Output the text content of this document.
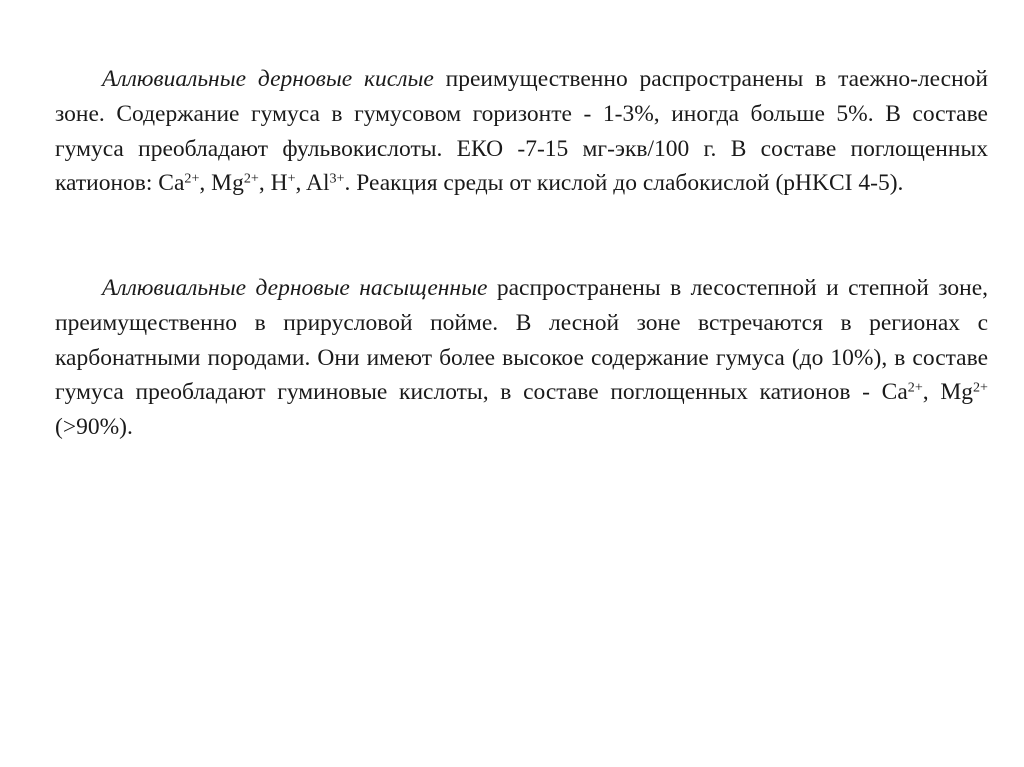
Аллювиальные дерновые кислые преимущественно распространены в таежно-лесной зоне. Содержание гумуса в гумусовом горизонте - 1-3%, иногда больше 5%. В составе гумуса преобладают фульвокислоты. ЕКО -7-15 мг-экв/100 г. В составе поглощенных катионов: $Ca^{2+}$, $Mg^{2+}$, H+, $Al^{3+}$. Реакция среды от кислой до слабокислой (pHKCI 4-5).

Аллювиальные дерновые насыщенные распространены в лесостепной и степной зоне, преимущественно в прирусловой пойме. В лесной зоне встречаются в регионах с карбонатными породами. Они имеют более высокое содержание гумуса (до 10%), в составе гумуса преобладают гуминовые кислоты, в составе поглощенных катионов - $Ca^{2+}$, $Mg^{2+}$ (>90%).
